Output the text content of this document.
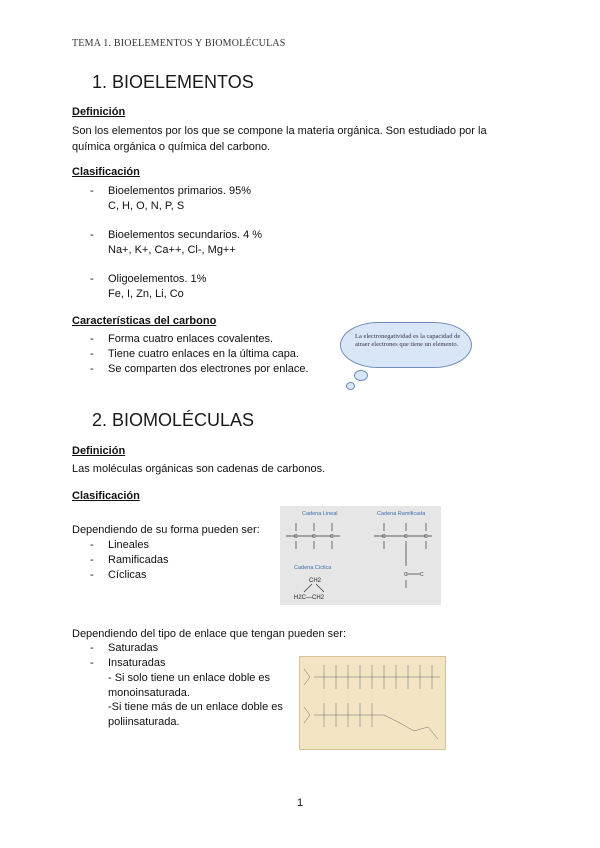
TEMA 1. BIOELEMENTOS Y BIOMOLÉCULAS
1. BIOELEMENTOS
Definición
Son los elementos por los que se compone la materia orgánica. Son estudiado por la
química orgánica o química del carbono.
Clasificación
- Bioelementos primarios. 95%
C, H, O, N, P, S
- Bioelementos secundarios. 4 %
Na+, K+, Ca++, Cl-, Mg++
- Oligoelementos. 1%
Fe, I, Zn, Li, Co
Características del carbono
- Forma cuatro enlaces covalentes.
- Tiene cuatro enlaces en la última capa.
- Se comparten dos electrones por enlace.
La electronegatividad es la capacidad de atraer electrones que tiene un elemento.
2. BIOMOLÉCULAS
Definición
Las moléculas orgánicas son cadenas de carbonos.
Clasificación
Dependiendo de su forma pueden ser:
- Lineales
- Ramificadas
- Cíclicas
Cadena Lineal	Cadena Ramificada
Cadena Cíclica
C	C	C	C	C	C
C C
CH2
H2C—CH2
Dependiendo del tipo de enlace que tengan pueden ser:
- Saturadas
- Insaturadas
- Si solo tiene un enlace doble es
monoinsaturada.
-Si tiene más de un enlace doble es
poliinsaturada.
1
